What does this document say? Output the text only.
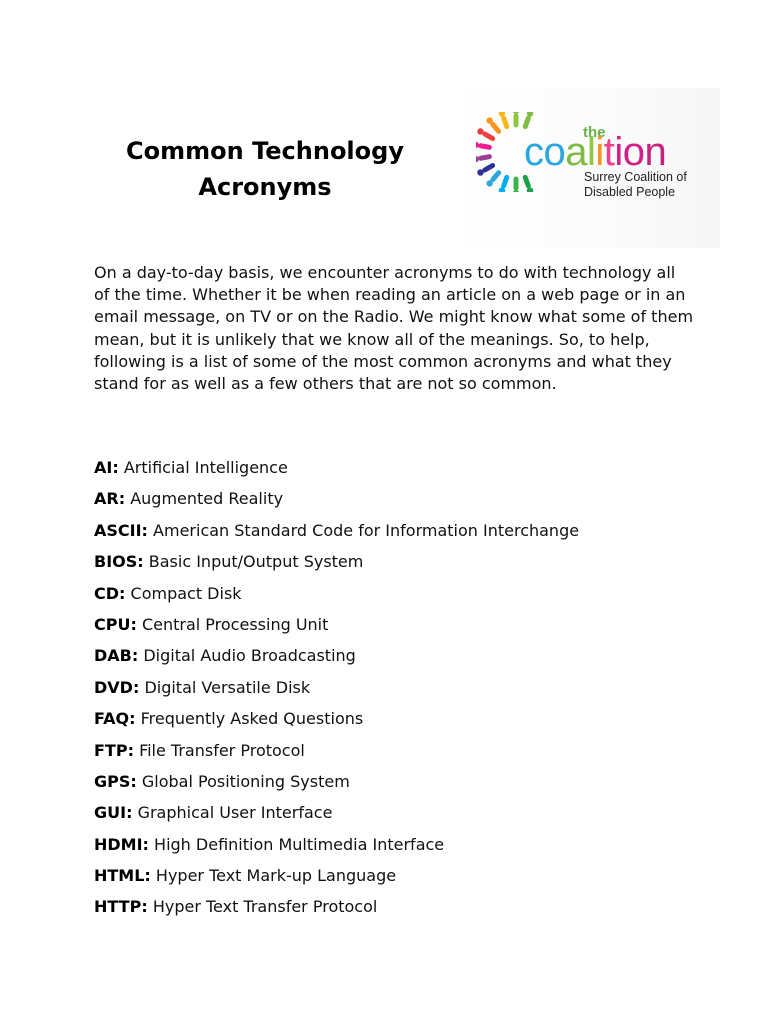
Common Technology
Acronyms
the
coalition
Surrey Coalition of
Disabled People
On a day-to-day basis, we encounter acronyms to do with technology all of the time. Whether it be when reading an article on a web page or in an email message, on TV or on the Radio. We might know what some of them mean, but it is unlikely that we know all of the meanings. So, to help, following is a list of some of the most common acronyms and what they stand for as well as a few others that are not so common.
AI: Artificial Intelligence
AR: Augmented Reality
ASCII: American Standard Code for Information Interchange
BIOS: Basic Input/Output System
CD: Compact Disk
CPU: Central Processing Unit
DAB: Digital Audio Broadcasting
DVD: Digital Versatile Disk
FAQ: Frequently Asked Questions
FTP: File Transfer Protocol
GPS: Global Positioning System
GUI: Graphical User Interface
HDMI: High Definition Multimedia Interface
HTML: Hyper Text Mark-up Language
HTTP: Hyper Text Transfer Protocol
